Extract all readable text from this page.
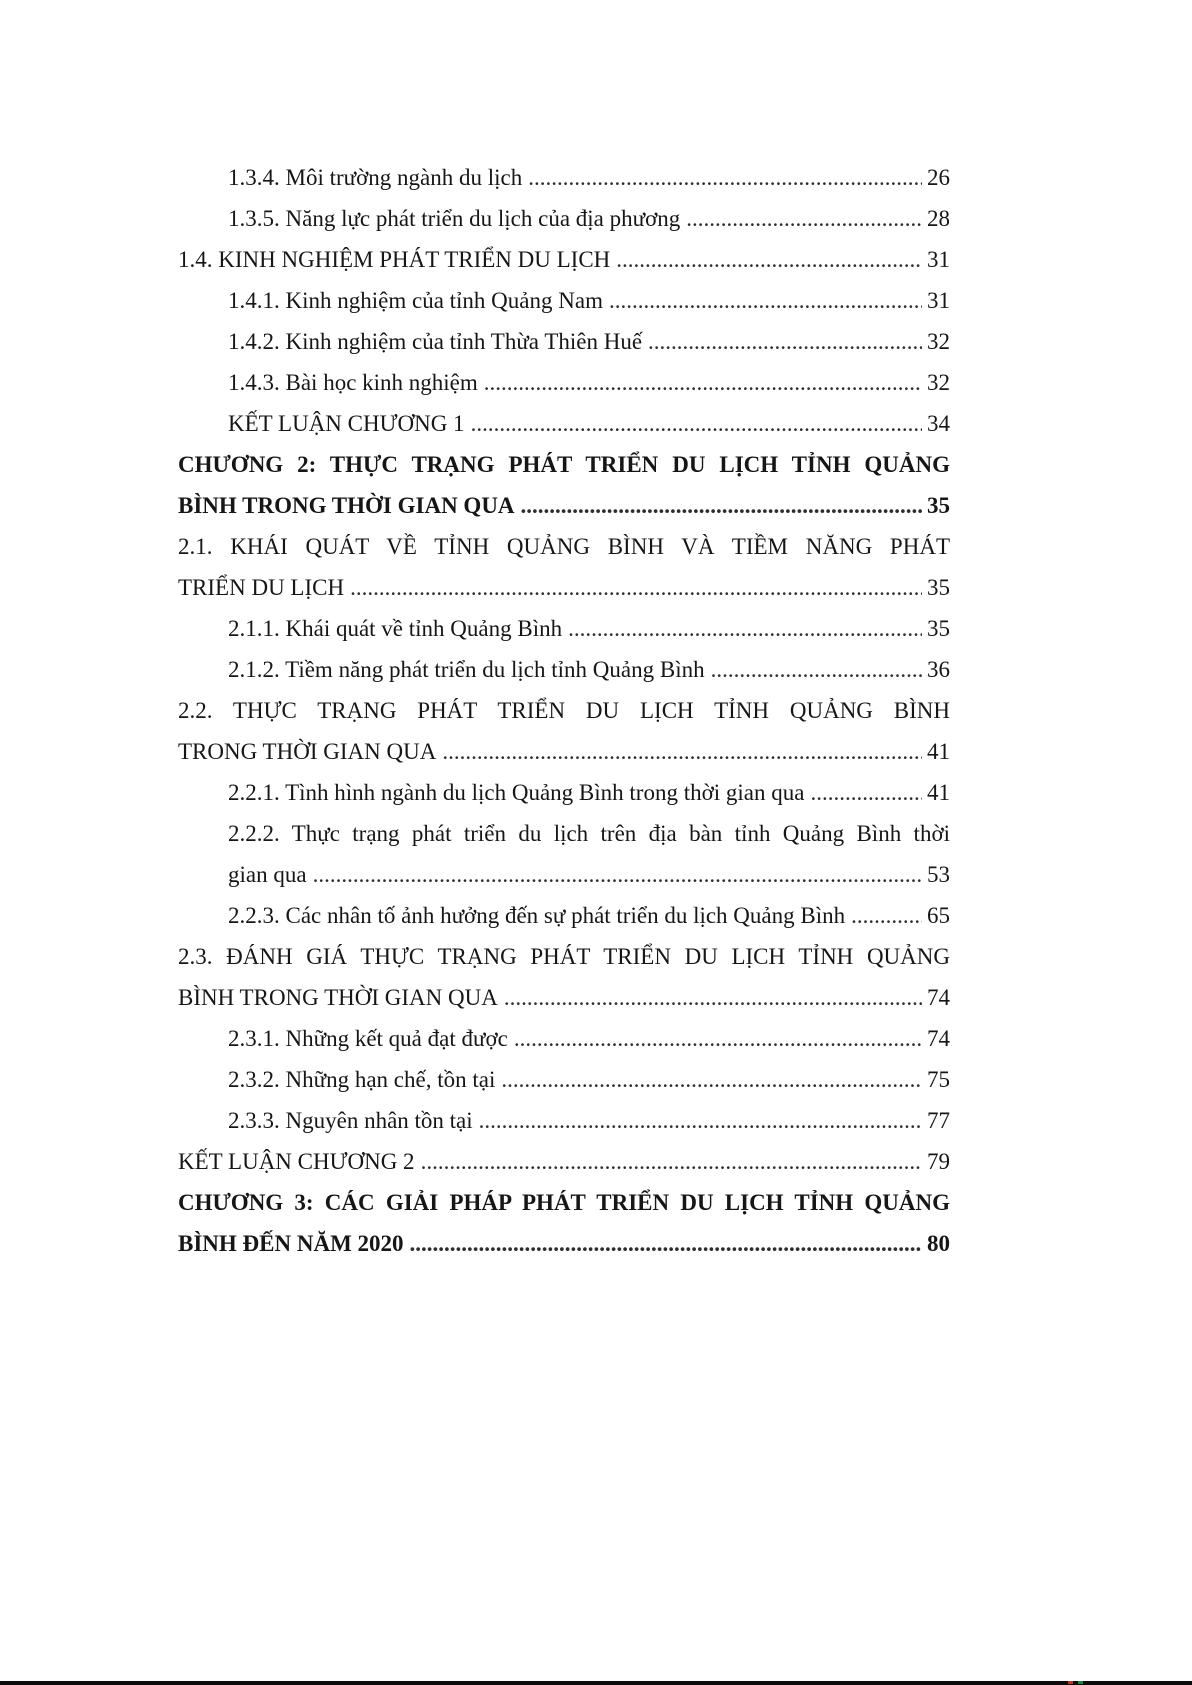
1.3.4. Môi trường ngành du lịch .....	26
1.3.5. Năng lực phát triển du lịch của địa phương .....	28
1.4. KINH NGHIỆM PHÁT TRIỂN DU LỊCH .....	31
1.4.1. Kinh nghiệm của tỉnh Quảng Nam .....	31
1.4.2. Kinh nghiệm của tỉnh Thừa Thiên Huế .....	32
1.4.3. Bài học kinh nghiệm .....	32
KẾT LUẬN CHƯƠNG 1 .....	34
CHƯƠNG 2: THỰC TRẠNG PHÁT TRIỂN DU LỊCH TỈNH QUẢNG
BÌNH TRONG THỜI GIAN QUA .....	35
2.1. KHÁI QUÁT VỀ TỈNH QUẢNG BÌNH VÀ TIỀM NĂNG PHÁT
TRIỂN DU LỊCH .....	35
2.1.1. Khái quát về tỉnh Quảng Bình .....	35
2.1.2. Tiềm năng phát triển du lịch tỉnh Quảng Bình .....	36
2.2. THỰC TRẠNG PHÁT TRIỂN DU LỊCH TỈNH QUẢNG BÌNH
TRONG THỜI GIAN QUA .....	41
2.2.1. Tình hình ngành du lịch Quảng Bình trong thời gian qua .....	41
2.2.2. Thực trạng phát triển du lịch trên địa bàn tỉnh Quảng Bình thời
gian qua .....	53
2.2.3. Các nhân tố ảnh hưởng đến sự phát triển du lịch Quảng Bình .....	65
2.3. ĐÁNH GIÁ THỰC TRẠNG PHÁT TRIỂN DU LỊCH TỈNH QUẢNG
BÌNH TRONG THỜI GIAN QUA .....	74
2.3.1. Những kết quả đạt được .....	74
2.3.2. Những hạn chế, tồn tại .....	75
2.3.3. Nguyên nhân tồn tại .....	77
KẾT LUẬN CHƯƠNG 2 .....	79
CHƯƠNG 3: CÁC GIẢI PHÁP PHÁT TRIỂN DU LỊCH TỈNH QUẢNG
BÌNH ĐẾN NĂM 2020 .....	80
